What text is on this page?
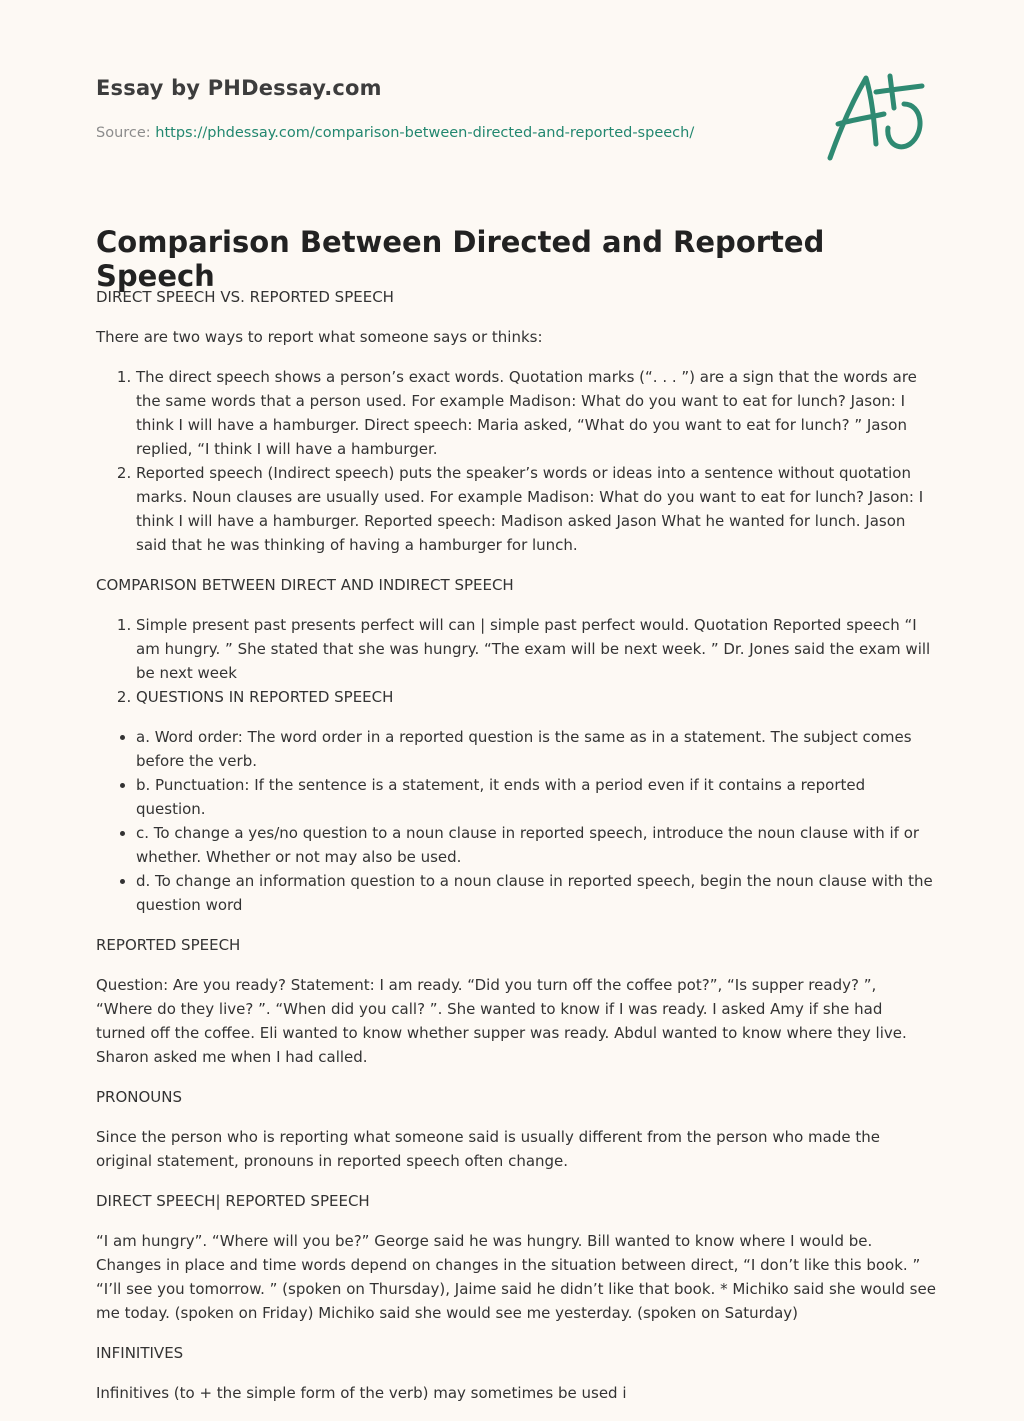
Essay by PHDessay.com
Source: https://phdessay.com/comparison-between-directed-and-reported-speech/
Comparison Between Directed and Reported Speech

DIRECT SPEECH VS. REPORTED SPEECH

There are two ways to report what someone says or thinks:

1. The direct speech shows a person’s exact words. Quotation marks (“. . . ”) are a sign that the words are the same words that a person used. For example Madison: What do you want to eat for lunch? Jason: I think I will have a hamburger. Direct speech: Maria asked, “What do you want to eat for lunch? ” Jason replied, “I think I will have a hamburger.
2. Reported speech (Indirect speech) puts the speaker’s words or ideas into a sentence without quotation marks. Noun clauses are usually used. For example Madison: What do you want to eat for lunch? Jason: I think I will have a hamburger. Reported speech: Madison asked Jason What he wanted for lunch. Jason said that he was thinking of having a hamburger for lunch.

COMPARISON BETWEEN DIRECT AND INDIRECT SPEECH

1. Simple present past presents perfect will can | simple past perfect would. Quotation Reported speech “I am hungry. ” She stated that she was hungry. “The exam will be next week. ” Dr. Jones said the exam will be next week
2. QUESTIONS IN REPORTED SPEECH
• a. Word order: The word order in a reported question is the same as in a statement. The subject comes before the verb.
• b. Punctuation: If the sentence is a statement, it ends with a period even if it contains a reported question.
• c. To change a yes/no question to a noun clause in reported speech, introduce the noun clause with if or whether. Whether or not may also be used.
• d. To change an information question to a noun clause in reported speech, begin the noun clause with the question word

REPORTED SPEECH

Question: Are you ready? Statement: I am ready. “Did you turn off the coffee pot?”, “Is supper ready? ”, “Where do they live? ”. “When did you call? ”. She wanted to know if I was ready. I asked Amy if she had turned off the coffee. Eli wanted to know whether supper was ready. Abdul wanted to know where they live. Sharon asked me when I had called.

PRONOUNS

Since the person who is reporting what someone said is usually different from the person who made the original statement, pronouns in reported speech often change.

DIRECT SPEECH| REPORTED SPEECH

“I am hungry”. “Where will you be?” George said he was hungry. Bill wanted to know where I would be. Changes in place and time words depend on changes in the situation between direct, “I don’t like this book. ” “I’ll see you tomorrow. ” (spoken on Thursday), Jaime said he didn’t like that book. * Michiko said she would see me today. (spoken on Friday) Michiko said she would see me yesterday. (spoken on Saturday)

INFINITIVES

Infinitives (to + the simple form of the verb) may sometimes be used i
